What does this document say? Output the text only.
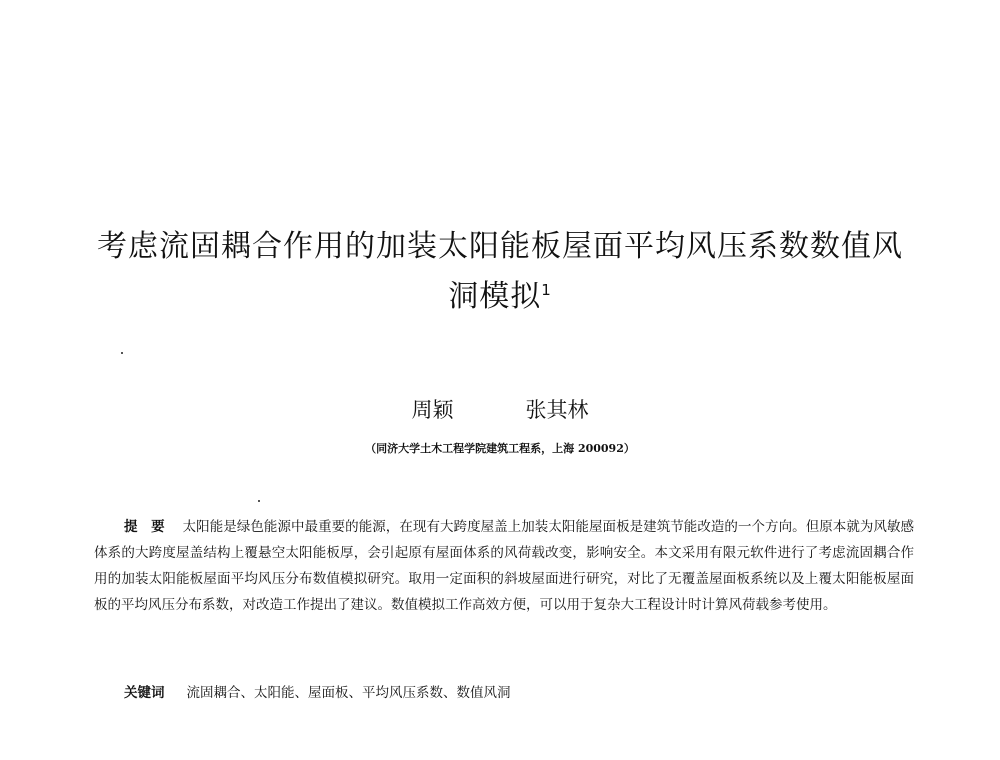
考虑流固耦合作用的加装太阳能板屋面平均风压系数数值风
洞模拟$^1$
周颖	张其林
（同济大学土木工程学院建筑工程系，上海 200092）
提　要 太阳能是绿色能源中最重要的能源，在现有大跨度屋盖上加装太阳能屋面板是建筑节能改造的一个方向。但原本就为风敏感体系的大跨度屋盖结构上覆悬空太阳能板厚，会引起原有屋面体系的风荷载改变，影响安全。本文采用有限元软件进行了考虑流固耦合作用的加装太阳能板屋面平均风压分布数值模拟研究。取用一定面积的斜坡屋面进行研究，对比了无覆盖屋面板系统以及上覆太阳能板屋面板的平均风压分布系数，对改造工作提出了建议。数值模拟工作高效方便，可以用于复杂大工程设计时计算风荷载参考使用。
关键词 流固耦合、太阳能、屋面板、平均风压系数、数值风洞
